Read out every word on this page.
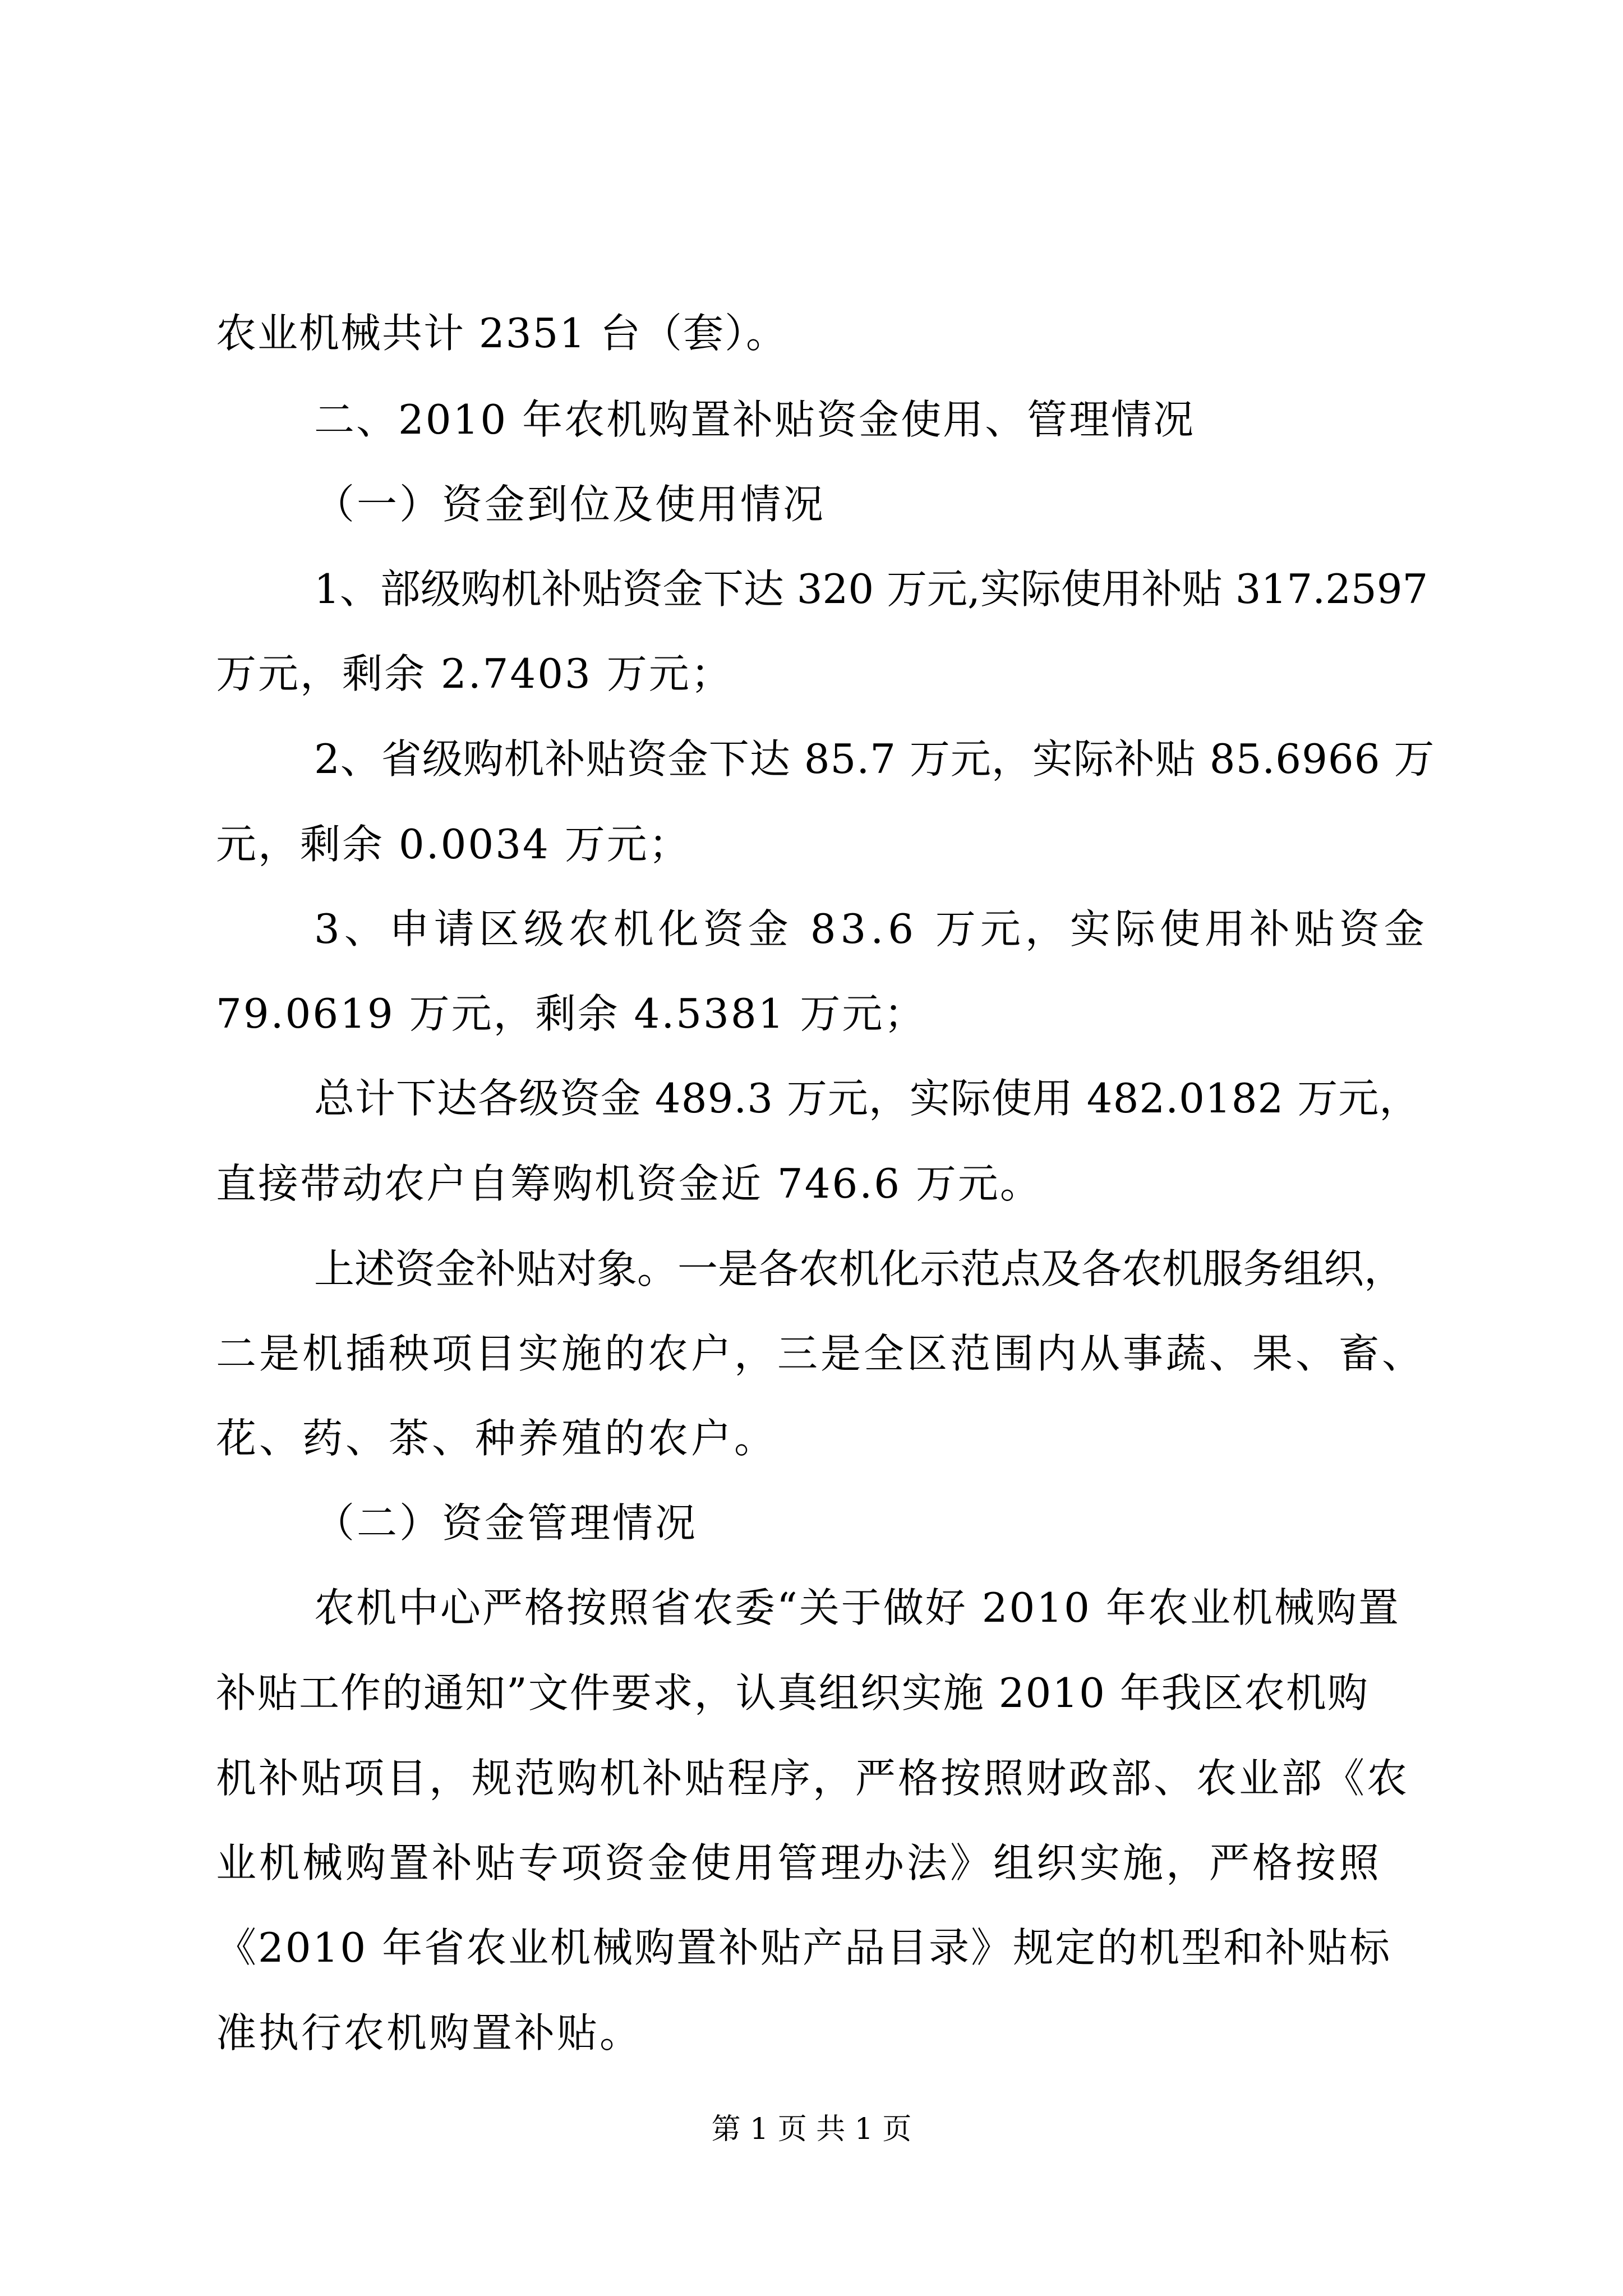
农业机械共计 2351 台（套）。

二、2010 年农机购置补贴资金使用、管理情况

（一）资金到位及使用情况

1、部级购机补贴资金下达 320 万元,实际使用补贴 317.2597

万元，剩余 2.7403 万元；

2、省级购机补贴资金下达 85.7 万元，实际补贴 85.6966 万

元，剩余 0.0034 万元；

3、申请区级农机化资金 83.6 万元，实际使用补贴资金

79.0619 万元，剩余 4.5381 万元；

总计下达各级资金 489.3 万元，实际使用 482.0182 万元，

直接带动农户自筹购机资金近 746.6 万元。

上述资金补贴对象。一是各农机化示范点及各农机服务组织，

二是机插秧项目实施的农户，三是全区范围内从事蔬、果、畜、

花、药、茶、种养殖的农户。

（二）资金管理情况

农机中心严格按照省农委“关于做好 2010 年农业机械购置

补贴工作的通知”文件要求，认真组织实施 2010 年我区农机购

机补贴项目，规范购机补贴程序，严格按照财政部、农业部《农

业机械购置补贴专项资金使用管理办法》组织实施，严格按照

《2010 年省农业机械购置补贴产品目录》规定的机型和补贴标

准执行农机购置补贴。

第 1 页 共 1 页
